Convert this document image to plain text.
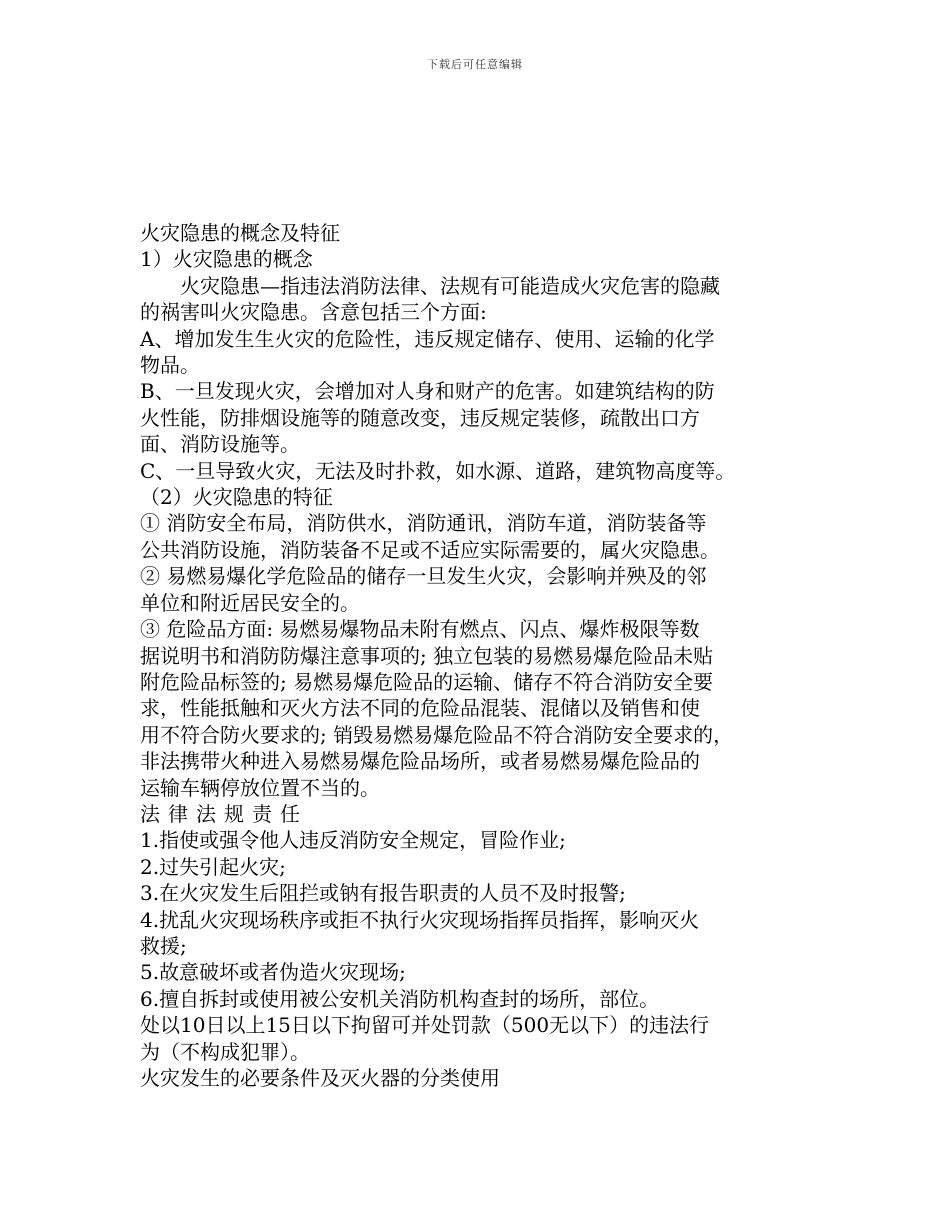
下载后可任意编辑

火灾隐患的概念及特征

1）火灾隐患的概念

火灾隐患—指违法消防法律、法规有可能造成火灾危害的隐藏

的祸害叫火灾隐患。含意包括三个方面:

A、增加发生生火灾的危险性，违反规定储存、使用、运输的化学

物品。

B、一旦发现火灾，会增加对人身和财产的危害。如建筑结构的防

火性能，防排烟设施等的随意改变，违反规定装修，疏散出口方

面、消防设施等。

C、一旦导致火灾，无法及时扑救，如水源、道路，建筑物高度等。

（2）火灾隐患的特征

① 消防安全布局，消防供水，消防通讯，消防车道，消防装备等

公共消防设施，消防装备不足或不适应实际需要的，属火灾隐患。

② 易燃易爆化学危险品的储存一旦发生火灾，会影响并殃及的邻

单位和附近居民安全的。

③ 危险品方面: 易燃易爆物品未附有燃点、闪点、爆炸极限等数

据说明书和消防防爆注意事项的; 独立包装的易燃易爆危险品未贴

附危险品标签的; 易燃易爆危险品的运输、储存不符合消防安全要

求，性能抵触和灭火方法不同的危险品混装、混储以及销售和使

用不符合防火要求的; 销毁易燃易爆危险品不符合消防安全要求的，

非法携带火种进入易燃易爆危险品场所，或者易燃易爆危险品的

运输车辆停放位置不当的。

法律法规责任

1.指使或强令他人违反消防安全规定，冒险作业;

2.过失引起火灾;

3.在火灾发生后阻拦或钠有报告职责的人员不及时报警;

4.扰乱火灾现场秩序或拒不执行火灾现场指挥员指挥，影响灭火

救援;

5.故意破坏或者伪造火灾现场;

6.擅自拆封或使用被公安机关消防机构查封的场所，部位。

处以10日以上15日以下拘留可并处罚款（500无以下）的违法行

为（不构成犯罪）。

火灾发生的必要条件及灭火器的分类使用
